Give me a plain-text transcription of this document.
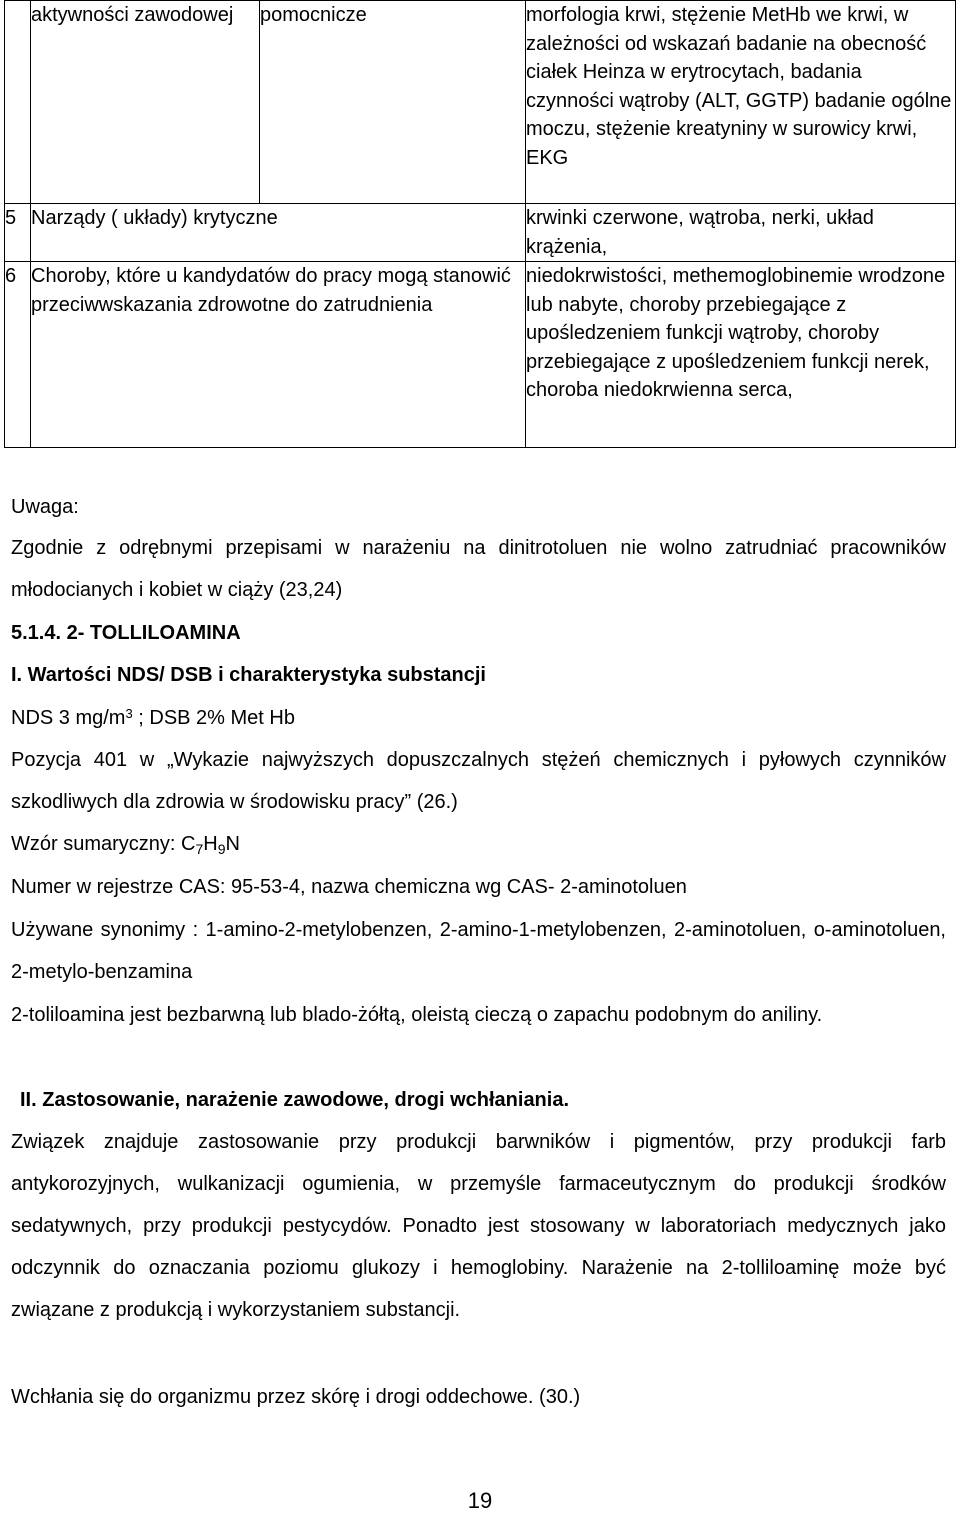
	aktywności zawodowej	pomocnicze	morfologia krwi, stężenie MetHb we krwi, w zależności od wskazań badanie na obecność ciałek Heinza w erytrocytach, badania czynności wątroby (ALT, GGTP) badanie ogólne moczu, stężenie kreatyniny w surowicy krwi, EKG
5	Narządy ( układy) krytyczne		krwinki czerwone, wątroba, nerki, układ krążenia,
6	Choroby, które u kandydatów do pracy mogą stanowić przeciwwskazania zdrowotne do zatrudnienia		niedokrwistości, methemoglobinemie wrodzone lub nabyte, choroby przebiegające z upośledzeniem funkcji wątroby, choroby przebiegające z upośledzeniem funkcji nerek, choroba niedokrwienna serca,

Uwaga:

Zgodnie z odrębnymi przepisami w narażeniu na dinitrotoluen nie wolno zatrudniać pracowników młodocianych i kobiet w ciąży (23,24)

5.1.4. 2- TOLLILOAMINA

I. Wartości NDS/ DSB i charakterystyka substancji

NDS 3 $mg/m^3$ ; DSB 2% Met Hb

Pozycja 401 w „Wykazie najwyższych dopuszczalnych stężeń chemicznych i pyłowych czynników szkodliwych dla zdrowia w środowisku pracy” (26.)

Wzór sumaryczny: $C_7H_9N$

Numer w rejestrze CAS: 95-53-4, nazwa chemiczna wg CAS- 2-aminotoluen

Używane synonimy : 1-amino-2-metylobenzen, 2-amino-1-metylobenzen, 2-aminotoluen, o-aminotoluen, 2-metylo-benzamina

2-toliloamina jest bezbarwną lub blado-żółtą, oleistą cieczą o zapachu podobnym do aniliny.

II. Zastosowanie, narażenie zawodowe, drogi wchłaniania.

Związek znajduje zastosowanie przy produkcji barwników i pigmentów, przy produkcji farb antykorozyjnych, wulkanizacji ogumienia, w przemyśle farmaceutycznym do produkcji środków sedatywnych, przy produkcji pestycydów. Ponadto jest stosowany w laboratoriach medycznych jako odczynnik do oznaczania poziomu glukozy i hemoglobiny. Narażenie na 2-tolliloaminę może być związane z produkcją i wykorzystaniem substancji.

Wchłania się do organizmu przez skórę i drogi oddechowe. (30.)

19
